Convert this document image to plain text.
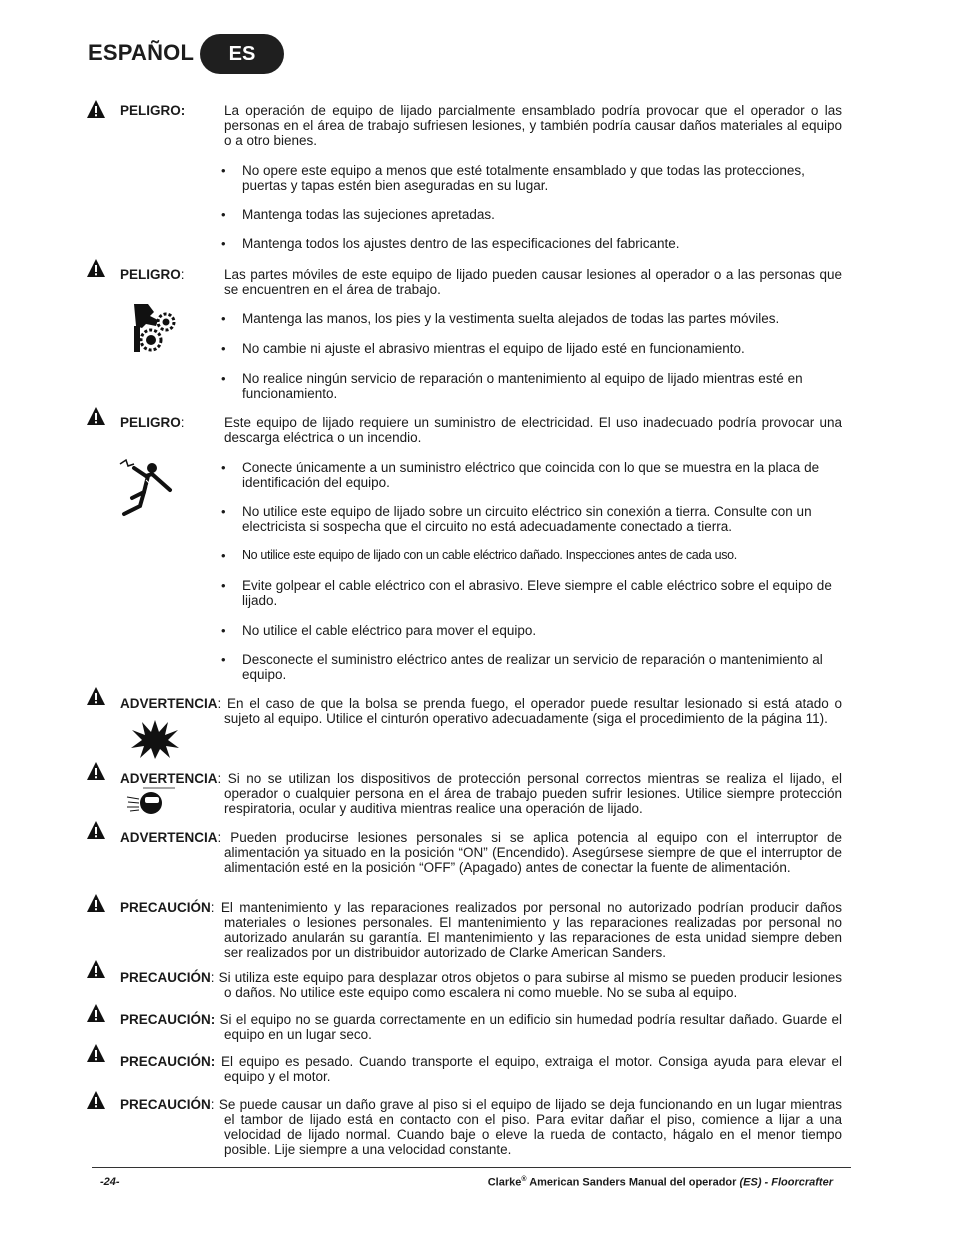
ESPAÑOL	ES
PELIGRO:	La operación de equipo de lijado parcialmente ensamblado podría provocar que el operador o las personas en el área de trabajo sufriesen lesiones, y también podría causar daños materiales al equipo o a otro bienes.
• No opere este equipo a menos que esté totalmente ensamblado y que todas las protecciones, puertas y tapas estén bien aseguradas en su lugar.
• Mantenga todas las sujeciones apretadas.
• Mantenga todos los ajustes dentro de las especificaciones del fabricante.
PELIGRO:	Las partes móviles de este equipo de lijado pueden causar lesiones al operador o a las personas que se encuentren en el área de trabajo.
• Mantenga las manos, los pies y la vestimenta suelta alejados de todas las partes móviles.
• No cambie ni ajuste el abrasivo mientras el equipo de lijado esté en funcionamiento.
• No realice ningún servicio de reparación o mantenimiento al equipo de lijado mientras esté en funcionamiento.
PELIGRO:	Este equipo de lijado requiere un suministro de electricidad. El uso inadecuado podría provocar una descarga eléctrica o un incendio.
• Conecte únicamente a un suministro eléctrico que coincida con lo que se muestra en la placa de identificación del equipo.
• No utilice este equipo de lijado sobre un circuito eléctrico sin conexión a tierra. Consulte con un electricista si sospecha que el circuito no está adecuadamente conectado a tierra.
• No utilice este equipo de lijado con un cable eléctrico dañado. Inspecciones antes de cada uso.
• Evite golpear el cable eléctrico con el abrasivo. Eleve siempre el cable eléctrico sobre el equipo de lijado.
• No utilice el cable eléctrico para mover el equipo.
• Desconecte el suministro eléctrico antes de realizar un servicio de reparación o mantenimiento al equipo.
ADVERTENCIA: En el caso de que la bolsa se prenda fuego, el operador puede resultar lesionado si está atado o sujeto al equipo. Utilice el cinturón operativo adecuadamente (siga el procedimiento de la página 11).
ADVERTENCIA: Si no se utilizan los dispositivos de protección personal correctos mientras se realiza el lijado, el operador o cualquier persona en el área de trabajo pueden sufrir lesiones. Utilice siempre protección respiratoria, ocular y auditiva mientras realice una operación de lijado.
ADVERTENCIA: Pueden producirse lesiones personales si se aplica potencia al equipo con el interruptor de alimentación ya situado en la posición “ON” (Encendido). Asegúrsese siempre de que el interruptor de alimentación esté en la posición “OFF” (Apagado) antes de conectar la fuente de alimentación.
PRECAUCIÓN: El mantenimiento y las reparaciones realizados por personal no autorizado podrían producir daños materiales o lesiones personales. El mantenimiento y las reparaciones realizadas por personal no autorizado anularán su garantía. El mantenimiento y las reparaciones de esta unidad siempre deben ser realizados por un distribuidor autorizado de Clarke American Sanders.
PRECAUCIÓN: Si utiliza este equipo para desplazar otros objetos o para subirse al mismo se pueden producir lesiones o daños. No utilice este equipo como escalera ni como mueble. No se suba al equipo.
PRECAUCIÓN: Si el equipo no se guarda correctamente en un edificio sin humedad podría resultar dañado. Guarde el equipo en un lugar seco.
PRECAUCIÓN: El equipo es pesado. Cuando transporte el equipo, extraiga el motor. Consiga ayuda para elevar el equipo y el motor.
PRECAUCIÓN: Se puede causar un daño grave al piso si el equipo de lijado se deja funcionando en un lugar mientras el tambor de lijado está en contacto con el piso. Para evitar dañar el piso, comience a lijar a una velocidad de lijado normal. Cuando baje o eleve la rueda de contacto, hágalo en el menor tiempo posible. Lije siempre a una velocidad constante.
-24-	Clarke® American Sanders Manual del operador (ES) - Floorcrafter
